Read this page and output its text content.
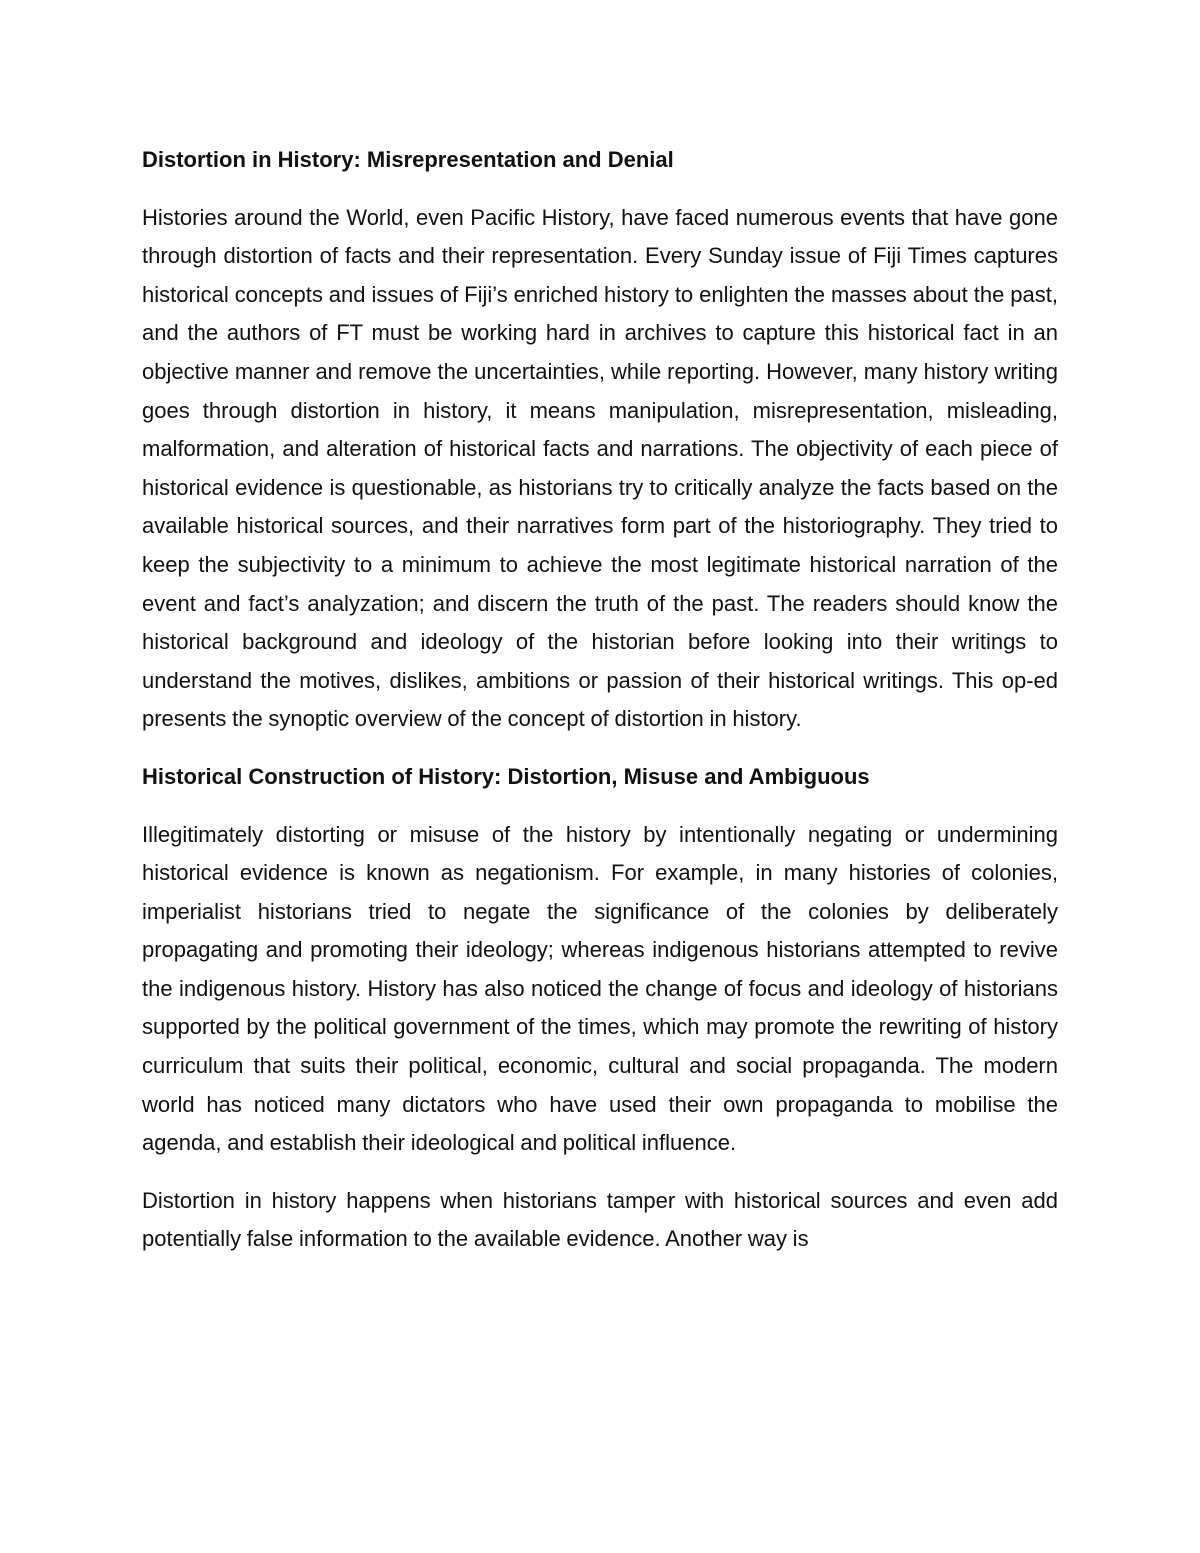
Distortion in History: Misrepresentation and Denial

Histories around the World, even Pacific History, have faced numerous events that have gone through distortion of facts and their representation. Every Sunday issue of Fiji Times captures historical concepts and issues of Fiji’s enriched history to enlighten the masses about the past, and the authors of FT must be working hard in archives to capture this historical fact in an objective manner and remove the uncertainties, while reporting. However, many history writing goes through distortion in history, it means manipulation, misrepresentation, misleading, malformation, and alteration of historical facts and narrations. The objectivity of each piece of historical evidence is questionable, as historians try to critically analyze the facts based on the available historical sources, and their narratives form part of the historiography. They tried to keep the subjectivity to a minimum to achieve the most legitimate historical narration of the event and fact’s analyzation; and discern the truth of the past. The readers should know the historical background and ideology of the historian before looking into their writings to understand the motives, dislikes, ambitions or passion of their historical writings. This op-ed presents the synoptic overview of the concept of distortion in history.

Historical Construction of History: Distortion, Misuse and Ambiguous

Illegitimately distorting or misuse of the history by intentionally negating or undermining historical evidence is known as negationism. For example, in many histories of colonies, imperialist historians tried to negate the significance of the colonies by deliberately propagating and promoting their ideology; whereas indigenous historians attempted to revive the indigenous history. History has also noticed the change of focus and ideology of historians supported by the political government of the times, which may promote the rewriting of history curriculum that suits their political, economic, cultural and social propaganda. The modern world has noticed many dictators who have used their own propaganda to mobilise the agenda, and establish their ideological and political influence.

Distortion in history happens when historians tamper with historical sources and even add potentially false information to the available evidence. Another way is
